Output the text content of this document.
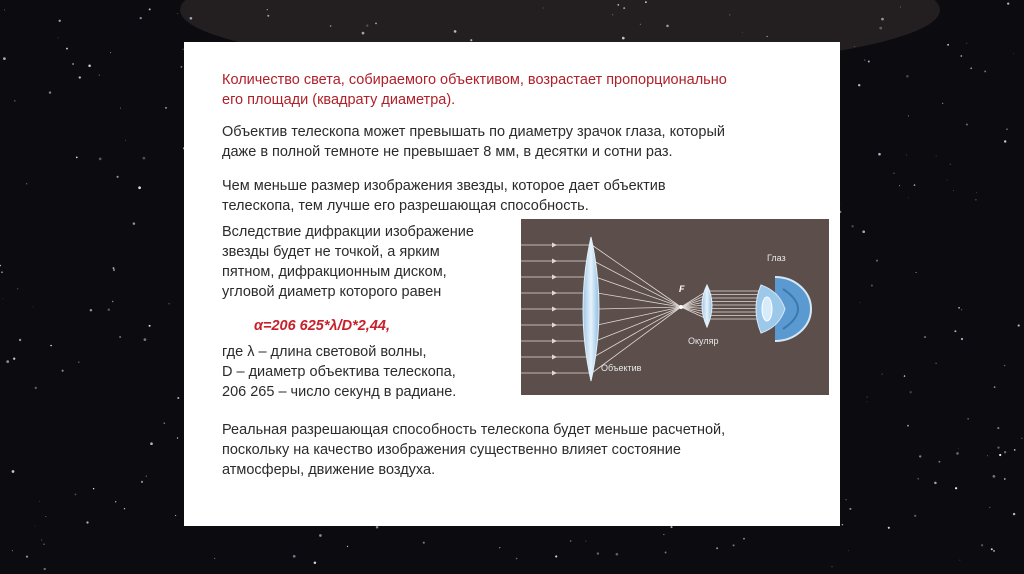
Количество света, собираемого объективом, возрастает пропорционально
его площади (квадрату диаметра).

Объектив телескопа может превышать по диаметру зрачок глаза, который
даже в полной темноте не превышает 8 мм, в десятки и сотни раз.

Чем меньше размер изображения звезды, которое дает объектив
телескопа, тем лучше его разрешающая способность.

Вследствие дифракции изображение
звезды будет не точкой, а ярким
пятном, дифракционным диском,
угловой диаметр которого равен

α=206 625*λ/D*2,44,

где λ – длина световой волны,
D – диаметр объектива телескопа,
206 265 – число секунд в радиане.

Реальная разрешающая способность телескопа будет меньше расчетной,
поскольку на качество изображения существенно влияет состояние
атмосферы, движение воздуха.

F
Глаз
Окуляр
Объектив
